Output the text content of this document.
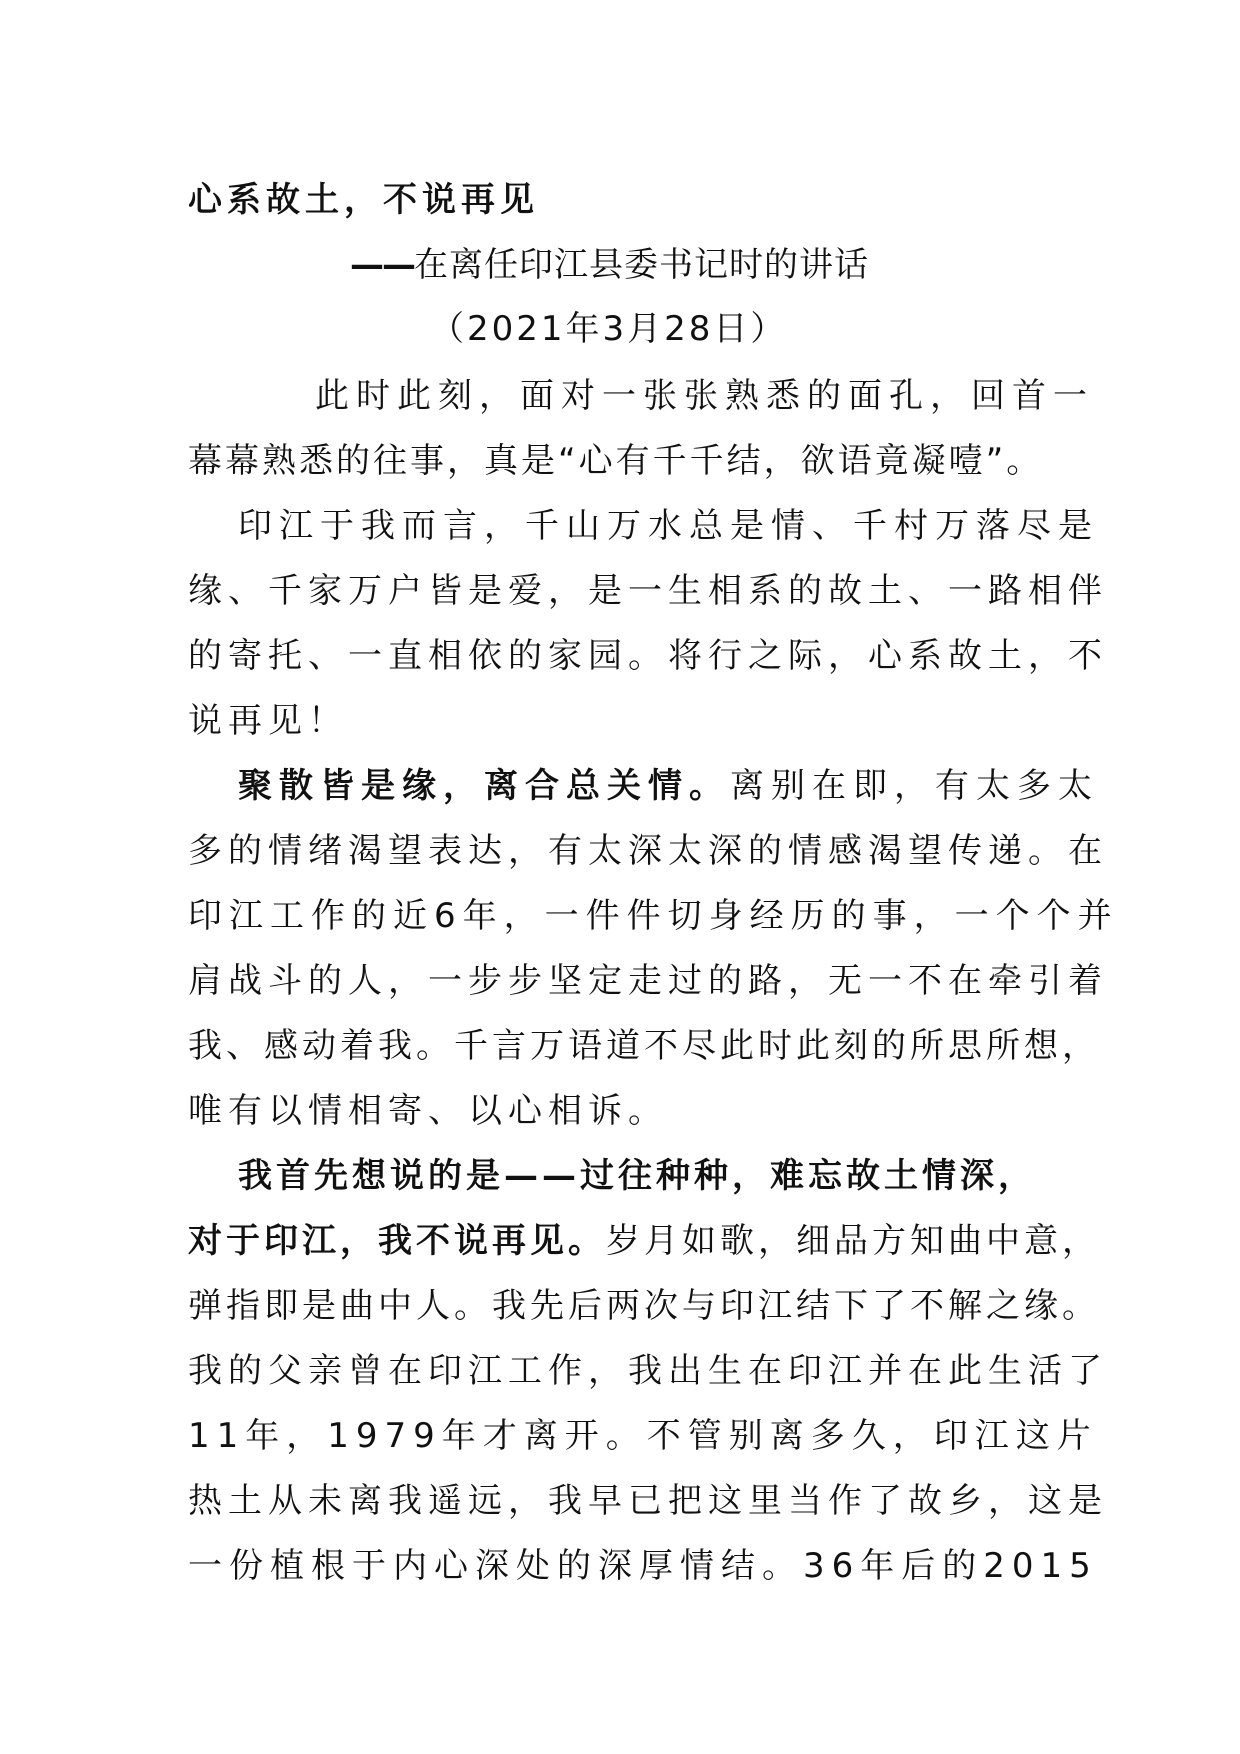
心系故土，不说再见
——在离任印江县委书记时的讲话
（2021年3月28日）
此时此刻，面对一张张熟悉的面孔，回首一
幕幕熟悉的往事，真是“心有千千结，欲语竟凝噎”。
印江于我而言，千山万水总是情、千村万落尽是
缘、千家万户皆是爱，是一生相系的故土、一路相伴
的寄托、一直相依的家园。将行之际，心系故土，不
说再见！
聚散皆是缘，离合总关情。离别在即，有太多太
多的情绪渴望表达，有太深太深的情感渴望传递。在
印江工作的近6年，一件件切身经历的事，一个个并
肩战斗的人，一步步坚定走过的路，无一不在牵引着
我、感动着我。千言万语道不尽此时此刻的所思所想，
唯有以情相寄、以心相诉。
我首先想说的是——过往种种，难忘故土情深，
对于印江，我不说再见。岁月如歌，细品方知曲中意，
弹指即是曲中人。我先后两次与印江结下了不解之缘。
我的父亲曾在印江工作，我出生在印江并在此生活了
11年，1979年才离开。不管别离多久，印江这片
热土从未离我遥远，我早已把这里当作了故乡，这是
一份植根于内心深处的深厚情结。36年后的2015
